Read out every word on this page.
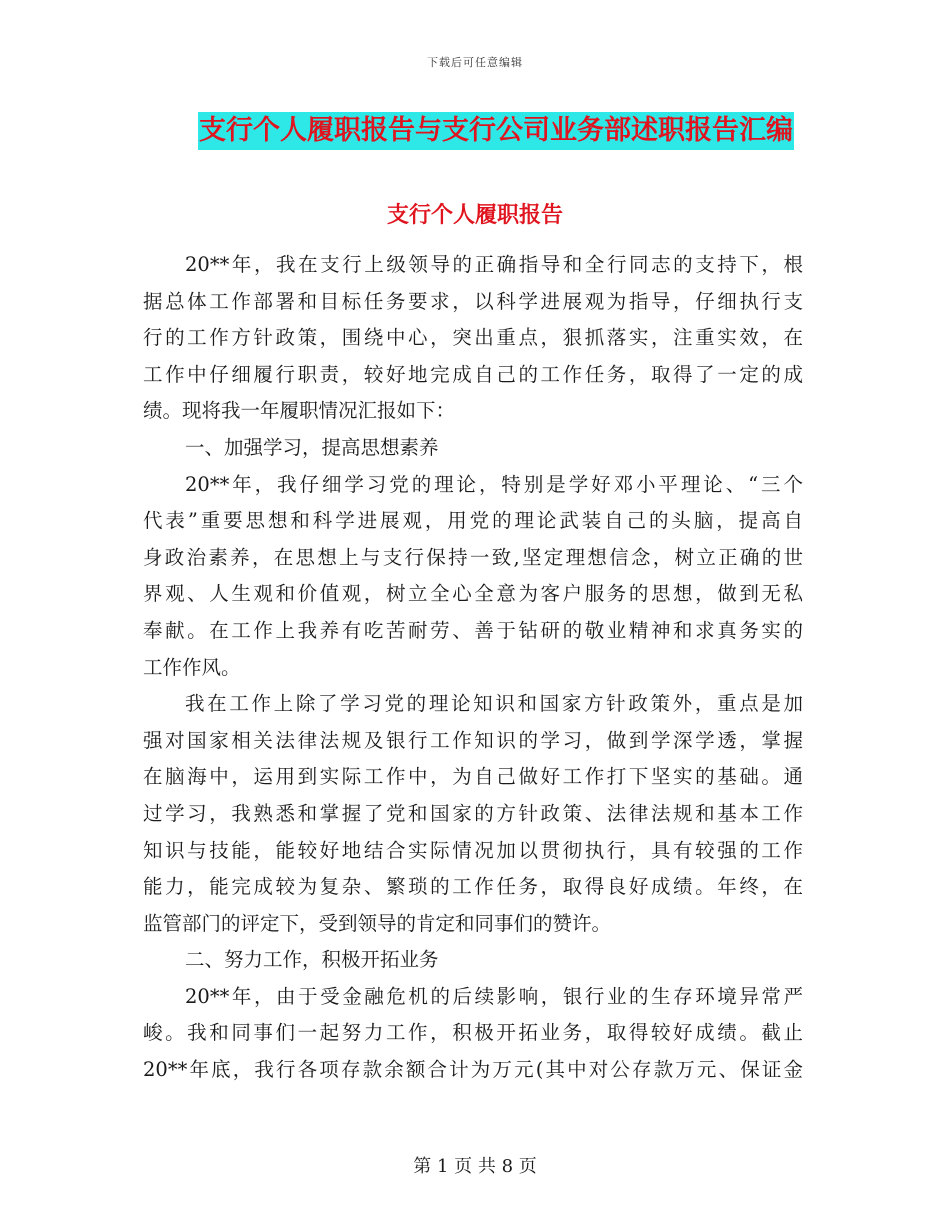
下载后可任意编辑
支行个人履职报告与支行公司业务部述职报告汇编
支行个人履职报告
20**年，我在支行上级领导的正确指导和全行同志的支持下，根
据总体工作部署和目标任务要求，以科学进展观为指导，仔细执行支
行的工作方针政策，围绕中心，突出重点，狠抓落实，注重实效，在
工作中仔细履行职责，较好地完成自己的工作任务，取得了一定的成
绩。现将我一年履职情况汇报如下：
一、加强学习，提高思想素养
20**年，我仔细学习党的理论，特别是学好邓小平理论、“三个
代表”重要思想和科学进展观，用党的理论武装自己的头脑，提高自
身政治素养，在思想上与支行保持一致,坚定理想信念，树立正确的世
界观、人生观和价值观，树立全心全意为客户服务的思想，做到无私
奉献。在工作上我养有吃苦耐劳、善于钻研的敬业精神和求真务实的
工作作风。
我在工作上除了学习党的理论知识和国家方针政策外，重点是加
强对国家相关法律法规及银行工作知识的学习，做到学深学透，掌握
在脑海中，运用到实际工作中，为自己做好工作打下坚实的基础。通
过学习，我熟悉和掌握了党和国家的方针政策、法律法规和基本工作
知识与技能，能较好地结合实际情况加以贯彻执行，具有较强的工作
能力，能完成较为复杂、繁琐的工作任务，取得良好成绩。年终，在
监管部门的评定下，受到领导的肯定和同事们的赞许。
二、努力工作，积极开拓业务
20**年，由于受金融危机的后续影响，银行业的生存环境异常严
峻。我和同事们一起努力工作，积极开拓业务，取得较好成绩。截止
20**年底，我行各项存款余额合计为万元(其中对公存款万元、保证金
第 1 页 共 8 页
